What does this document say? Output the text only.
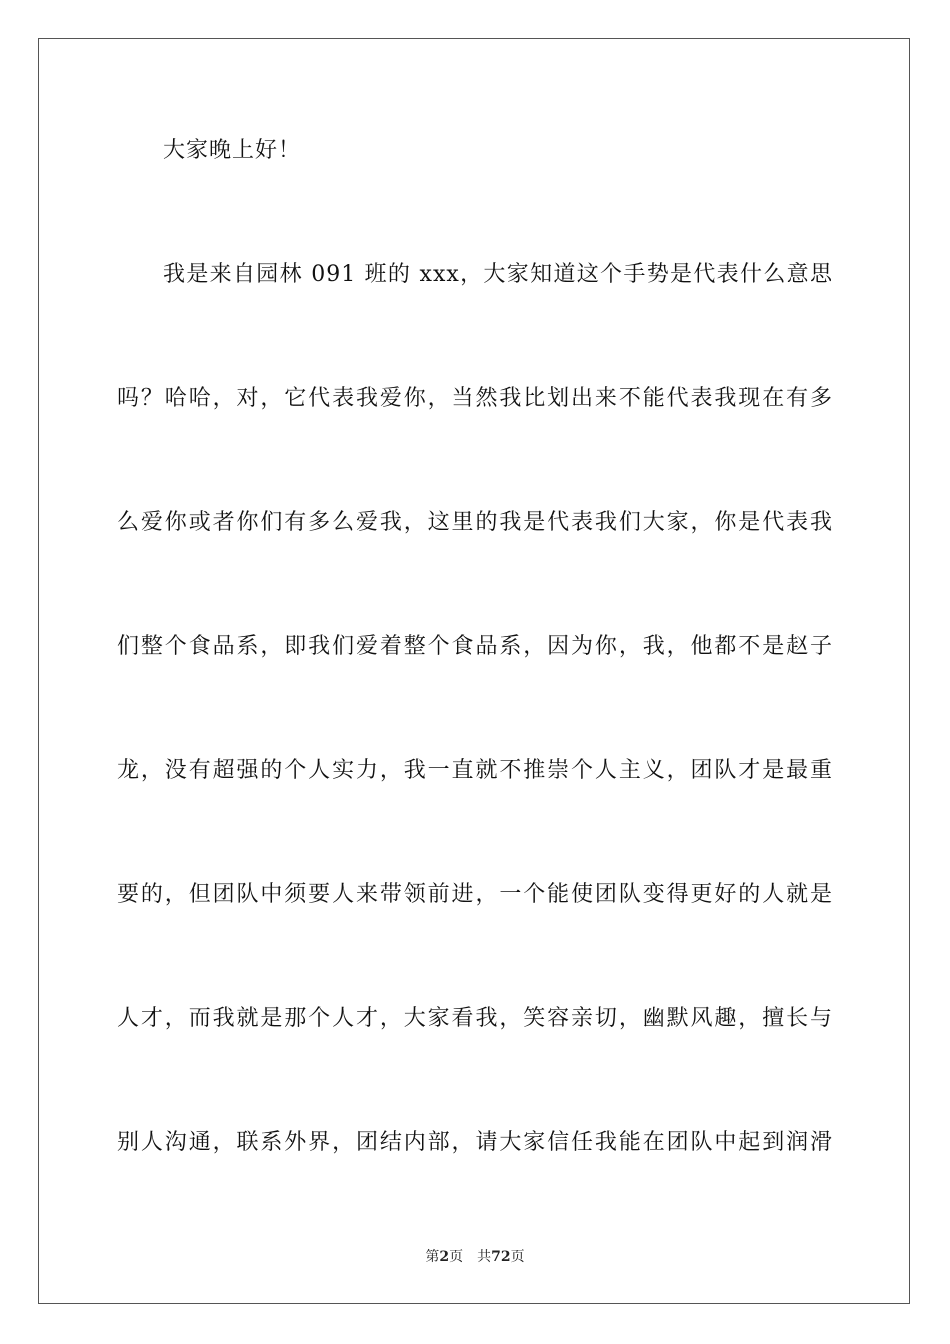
大家晚上好！
我是来自园林 091 班的 xxx，大家知道这个手势是代表什么意思
吗？哈哈，对，它代表我爱你，当然我比划出来不能代表我现在有多
么爱你或者你们有多么爱我，这里的我是代表我们大家，你是代表我
们整个食品系，即我们爱着整个食品系，因为你，我，他都不是赵子
龙，没有超强的个人实力，我一直就不推崇个人主义，团队才是最重
要的，但团队中须要人来带领前进，一个能使团队变得更好的人就是
人才，而我就是那个人才，大家看我，笑容亲切，幽默风趣，擅长与
别人沟通，联系外界，团结内部，请大家信任我能在团队中起到润滑
第2页 共72页
